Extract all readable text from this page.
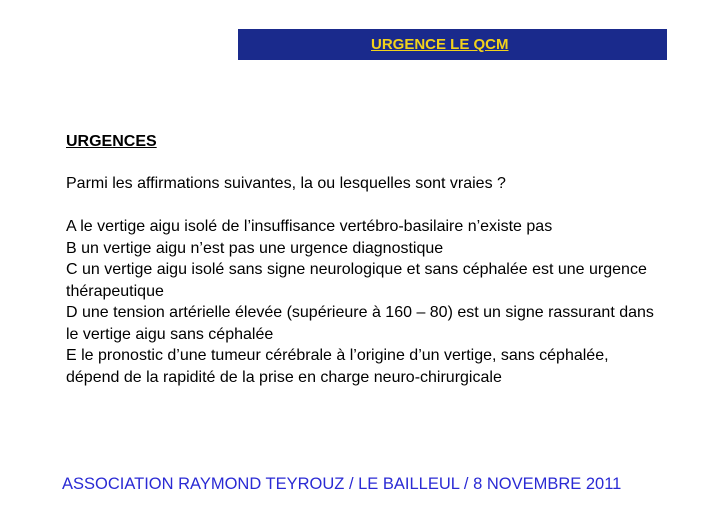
URGENCE LE QCM
URGENCES
Parmi les affirmations suivantes, la ou lesquelles sont vraies ?
A le vertige aigu isolé de l’insuffisance vertébro-basilaire n’existe pas
B un vertige aigu n’est pas une urgence diagnostique
C un vertige aigu isolé sans signe neurologique et sans céphalée est une urgence thérapeutique
D une tension artérielle élevée (supérieure à 160 – 80) est un signe rassurant dans le vertige aigu sans céphalée
E le pronostic d’une tumeur cérébrale à l’origine d’un vertige, sans céphalée, dépend de la rapidité de la prise en charge neuro-chirurgicale
ASSOCIATION RAYMOND TEYROUZ / LE BAILLEUL / 8 NOVEMBRE 2011
